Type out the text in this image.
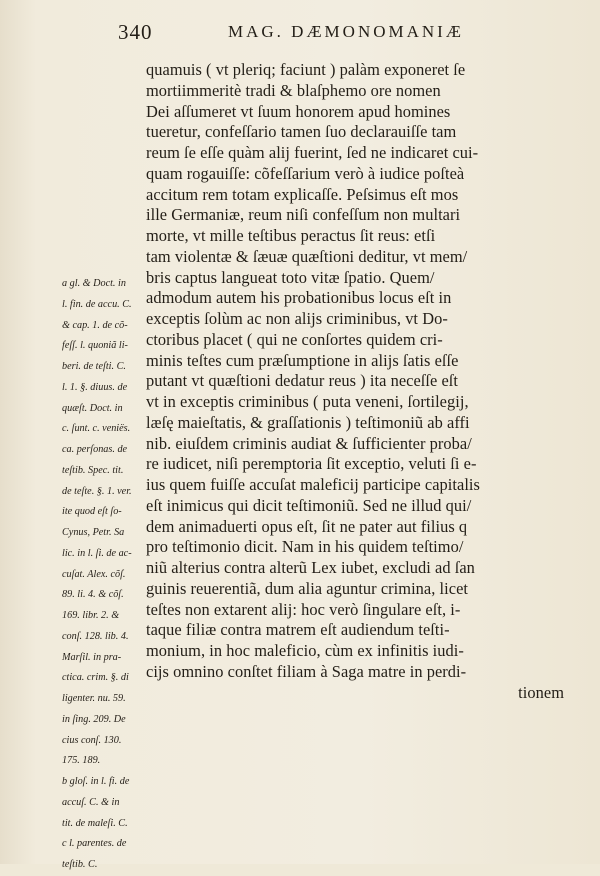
340	MAG. DÆMONOMANIÆ
a gl. & Doct. in
l. fin. de accu. C.
& cap. 1. de cõ-
feſſ. l. quoniã li-
beri. de teſti. C.
l. 1. §. diuus. de
quæſt. Doct. in
c. ſunt. c. veniës.
ca. perſonas. de
teſtib. Spec. tit.
de teſte. §. 1. ver.
ite quod eſt ſo-
Cynus, Petr. Sa
lic. in l. ſi. de ac-
cuſat. Alex. cõſ.
89. li. 4. & cõſ.
169. libr. 2. &
conſ. 128. lib. 4.
Marſil. in pra-
ctica. crim. §. di
ligenter. nu. 59.
in ſing. 209. De
cius conſ. 130.
175. 189.
b gloſ. in l. fi. de
accuſ. C. & in
tit. de maleſi. C.
c l. parentes. de
teſtib. C.
quamuis ( vt pleriq; faciunt ) palàm exponeret ſe
mortiimmeritè tradi & blaſphemo ore nomen
Dei aſſumeret vt ſuum honorem apud homines
tueretur, confeſſario tamen ſuo declarauiſſe tam
reum ſe eſſe quàm alij fuerint, ſed ne indicaret cui-
quam rogauiſſe: cõfeſſarium verò à iudice poſteà
accitum rem totam explicaſſe. Peſsimus eſt mos
ille Germaniæ, reum niſi confeſſum non multari
morte, vt mille teſtibus peractus ſit reus: etſi
tam violentæ & ſæuæ quæſtioni deditur, vt mem/
bris captus langueat toto vitæ ſpatio. Quem/
admodum autem his probationibus locus eſt in
exceptis ſolùm ac non alijs criminibus, vt Do-
ctoribus placet ( qui ne conſortes quidem cri-
minis teſtes cum præſumptione in alijs ſatis eſſe
putant vt quæſtioni dedatur reus ) ita neceſſe eſt
vt in exceptis criminibus ( puta veneni, ſortilegij,
læſę maieſtatis, & graſſationis ) teſtimoniũ ab affi
nib. eiuſdem criminis audiat & ſufficienter proba/
re iudicet, niſi peremptoria ſit exceptio, veluti ſi e-
ius quem fuiſſe accuſat maleficij participe capitalis
eſt inimicus qui dicit teſtimoniũ. Sed ne illud qui/
dem animaduerti opus eſt, ſit ne pater aut filius q
pro teſtimonio dicit. Nam in his quidem teſtimo/
niũ alterius contra alterũ Lex iubet, excludi ad ſan
guinis reuerentiã, dum alia aguntur crimina, licet
teſtes non extarent alij: hoc verò ſingulare eſt, i-
taque filiæ contra matrem eſt audiendum teſti-
monium, in hoc maleficio, cùm ex infinitis iudi-
cijs omnino conſtet filiam à Saga matre in perdi-
tionem
